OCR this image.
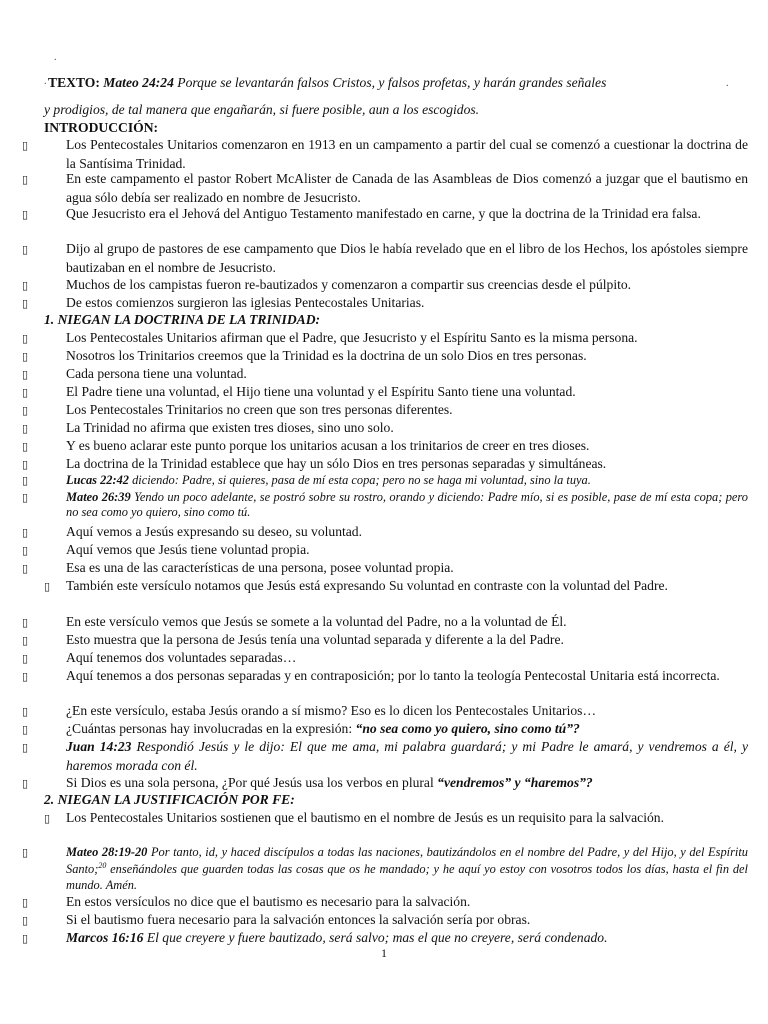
.
.	.
TEXTO: Mateo 24:24 Porque se levantarán falsos Cristos, y falsos profetas, y harán grandes señales
y prodigios, de tal manera que engañarán, si fuere posible, aun a los escogidos.
INTRODUCCIÓN:
▯	Los Pentecostales Unitarios comenzaron en 1913 en un campamento a partir del cual se comenzó a cuestionar la doctrina de la Santísima Trinidad.
▯	En este campamento el pastor Robert McAlister de Canada de las Asambleas de Dios comenzó a juzgar que el bautismo en agua sólo debía ser realizado en nombre de Jesucristo.
▯	Que Jesucristo era el Jehová del Antiguo Testamento manifestado en carne, y que la doctrina de la Trinidad era falsa.
▯	Dijo al grupo de pastores de ese campamento que Dios le había revelado que en el libro de los Hechos, los apóstoles siempre bautizaban en el nombre de Jesucristo.
▯	Muchos de los campistas fueron re-bautizados y comenzaron a compartir sus creencias desde el púlpito.
▯	De estos comienzos surgieron las iglesias Pentecostales Unitarias.
1. NIEGAN LA DOCTRINA DE LA TRINIDAD:
▯	Los Pentecostales Unitarios afirman que el Padre, que Jesucristo y el Espíritu Santo es la misma persona.
▯	Nosotros los Trinitarios creemos que la Trinidad es la doctrina de un solo Dios en tres personas.
▯	Cada persona tiene una voluntad.
▯	El Padre tiene una voluntad, el Hijo tiene una voluntad y el Espíritu Santo tiene una voluntad.
▯	Los Pentecostales Trinitarios no creen que son tres personas diferentes.
▯	La Trinidad no afirma que existen tres dioses, sino uno solo.
▯	Y es bueno aclarar este punto porque los unitarios acusan a los trinitarios de creer en tres dioses.
▯	La doctrina de la Trinidad establece que hay un sólo Dios en tres personas separadas y simultáneas.
▯	Lucas 22:42 diciendo: Padre, si quieres, pasa de mí esta copa; pero no se haga mi voluntad, sino la tuya.
▯	Mateo 26:39 Yendo un poco adelante, se postró sobre su rostro, orando y diciendo: Padre mío, si es posible, pase de mí esta copa; pero no sea como yo quiero, sino como tú.
▯	Aquí vemos a Jesús expresando su deseo, su voluntad.
▯	Aquí vemos que Jesús tiene voluntad propia.
▯	Esa es una de las características de una persona, posee voluntad propia.
▯ También este versículo notamos que Jesús está expresando Su voluntad en contraste con la voluntad del Padre.
▯	En este versículo vemos que Jesús se somete a la voluntad del Padre, no a la voluntad de Él.
▯	Esto muestra que la persona de Jesús tenía una voluntad separada y diferente a la del Padre.
▯	Aquí tenemos dos voluntades separadas…
▯	Aquí tenemos a dos personas separadas y en contraposición; por lo tanto la teología Pentecostal Unitaria está incorrecta.
▯	¿En este versículo, estaba Jesús orando a sí mismo? Eso es lo dicen los Pentecostales Unitarios…
▯	¿Cuántas personas hay involucradas en la expresión: “no sea como yo quiero, sino como tú”?
▯	Juan 14:23 Respondió Jesús y le dijo: El que me ama, mi palabra guardará; y mi Padre le amará, y vendremos a él, y haremos morada con él.
▯	Si Dios es una sola persona, ¿Por qué Jesús usa los verbos en plural “vendremos” y “haremos”?
2. NIEGAN LA JUSTIFICACIÓN POR FE:
▯ Los Pentecostales Unitarios sostienen que el bautismo en el nombre de Jesús es un requisito para la salvación.
▯	Mateo 28:19-20 Por tanto, id, y haced discípulos a todas las naciones, bautizándolos en el nombre del Padre, y del Hijo, y del Espíritu Santo;$^{20}$ enseñándoles que guarden todas las cosas que os he mandado; y he aquí yo estoy con vosotros todos los días, hasta el fin del mundo. Amén.
▯	En estos versículos no dice que el bautismo es necesario para la salvación.
▯	Si el bautismo fuera necesario para la salvación entonces la salvación sería por obras.
▯	Marcos 16:16 El que creyere y fuere bautizado, será salvo; mas el que no creyere, será condenado.
1
